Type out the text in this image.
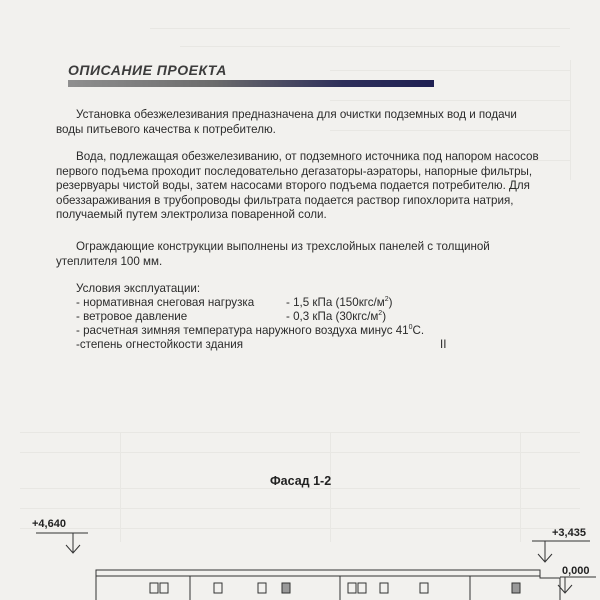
ОПИСАНИЕ ПРОЕКТА

Установка обезжелезивания предназначена для очистки подземных вод и подачи воды питьевого качества к потребителю.

Вода, подлежащая обезжелезиванию, от подземного источника под напором насосов первого подъема проходит последовательно дегазаторы-аэраторы, напорные фильтры, резервуары чистой воды, затем насосами второго подъема подается потребителю. Для обеззараживания в трубопроводы фильтрата подается раствор гипохлорита натрия, получаемый путем электролиза поваренной соли.

Ограждающие конструкции выполнены из трехслойных панелей с толщиной утеплителя 100 мм.

Условия эксплуатации:
- нормативная снеговая нагрузка	- 1,5 кПа $(150кгс/м^2)$
- ветровое давление	- 0,3 кПа $(30кгс/м^2)$
- расчетная зимняя температура наружного воздуха минус $41^0С$.
-степень огнестойкости здания	II
Фасад 1-2
+4,640
+3,435
0,000
